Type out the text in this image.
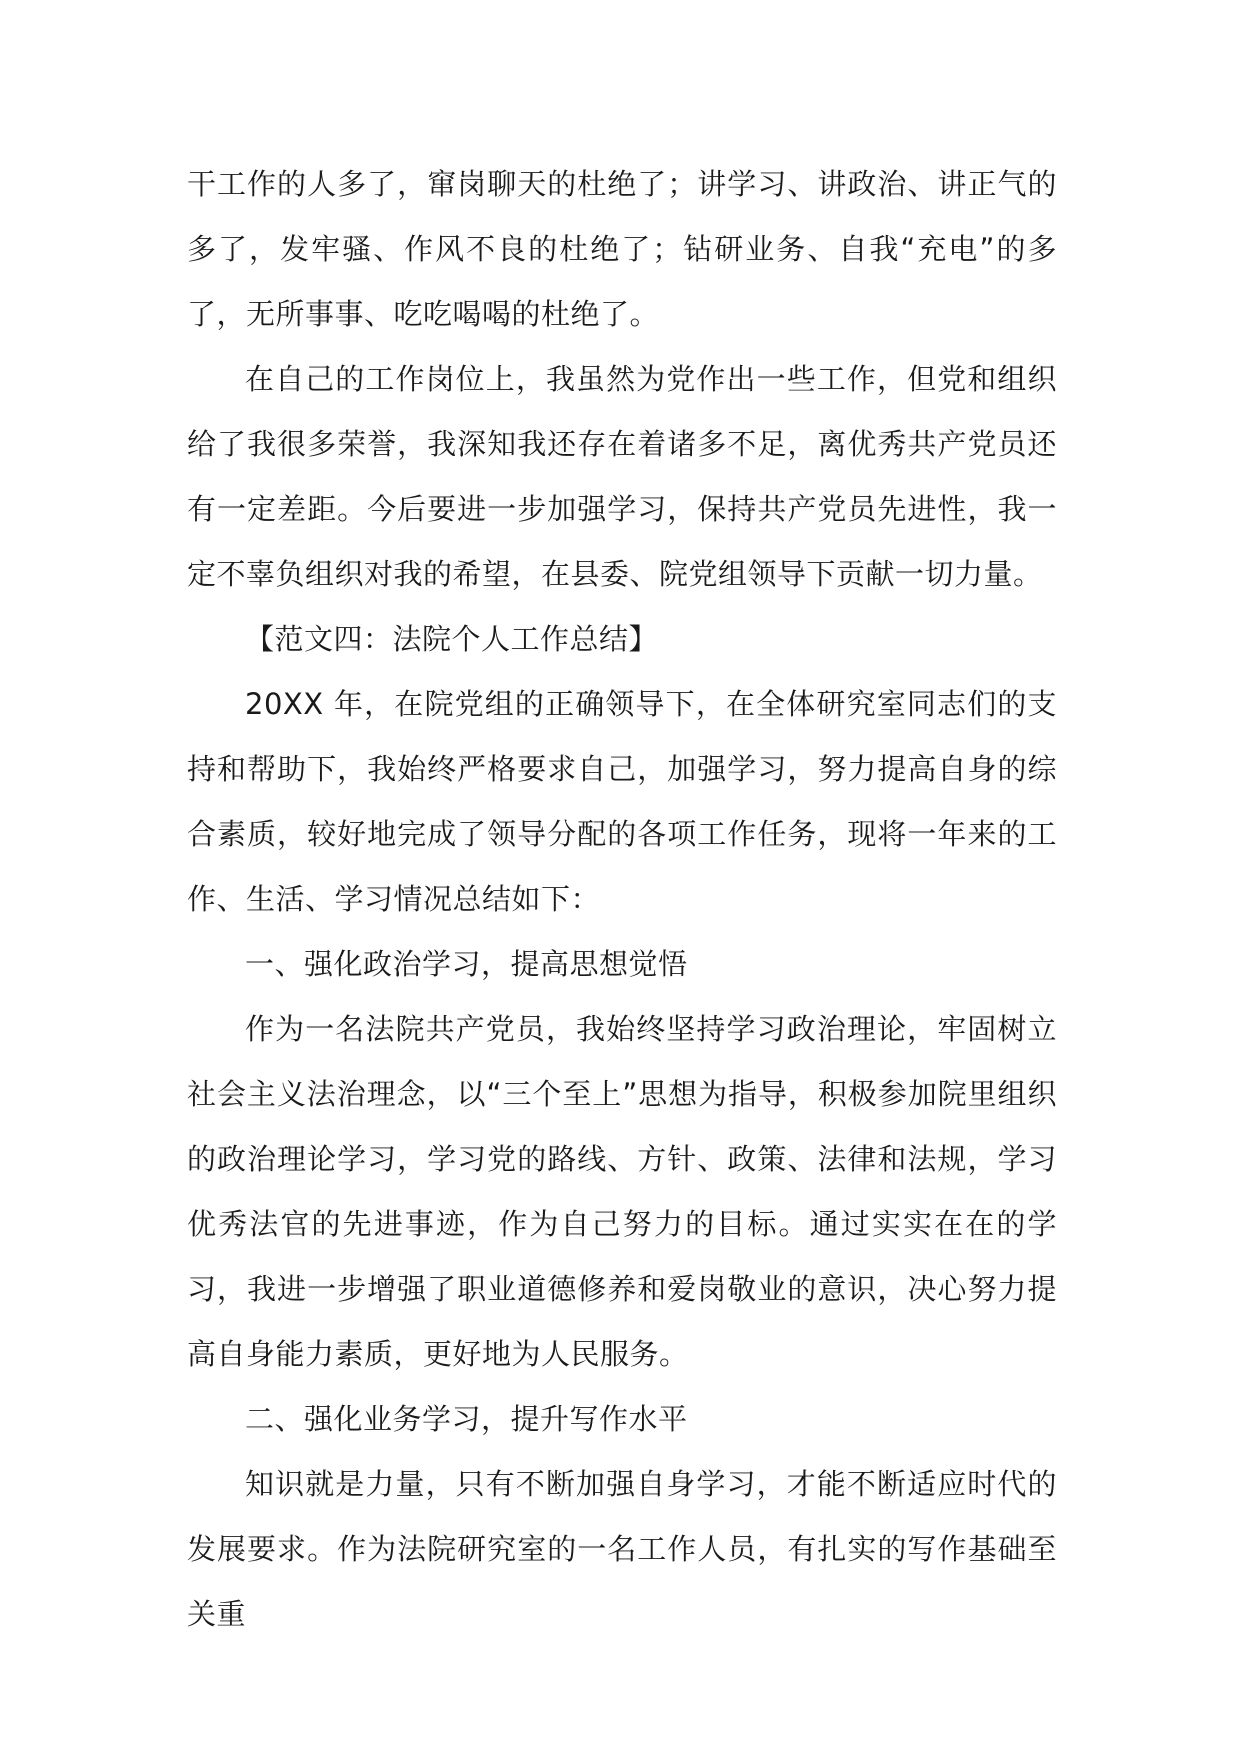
干工作的人多了，窜岗聊天的杜绝了；讲学习、讲政治、讲正气的多了，发牢骚、作风不良的杜绝了；钻研业务、自我“充电”的多了，无所事事、吃吃喝喝的杜绝了。

在自己的工作岗位上，我虽然为党作出一些工作，但党和组织给了我很多荣誉，我深知我还存在着诸多不足，离优秀共产党员还有一定差距。今后要进一步加强学习，保持共产党员先进性，我一定不辜负组织对我的希望，在县委、院党组领导下贡献一切力量。

【范文四：法院个人工作总结】

20XX 年，在院党组的正确领导下，在全体研究室同志们的支持和帮助下，我始终严格要求自己，加强学习，努力提高自身的综合素质，较好地完成了领导分配的各项工作任务，现将一年来的工作、生活、学习情况总结如下：

一、强化政治学习，提高思想觉悟

作为一名法院共产党员，我始终坚持学习政治理论，牢固树立社会主义法治理念，以“三个至上”思想为指导，积极参加院里组织的政治理论学习，学习党的路线、方针、政策、法律和法规，学习优秀法官的先进事迹，作为自己努力的目标。通过实实在在的学习，我进一步增强了职业道德修养和爱岗敬业的意识，决心努力提高自身能力素质，更好地为人民服务。

二、强化业务学习，提升写作水平

知识就是力量，只有不断加强自身学习，才能不断适应时代的发展要求。作为法院研究室的一名工作人员，有扎实的写作基础至关重
